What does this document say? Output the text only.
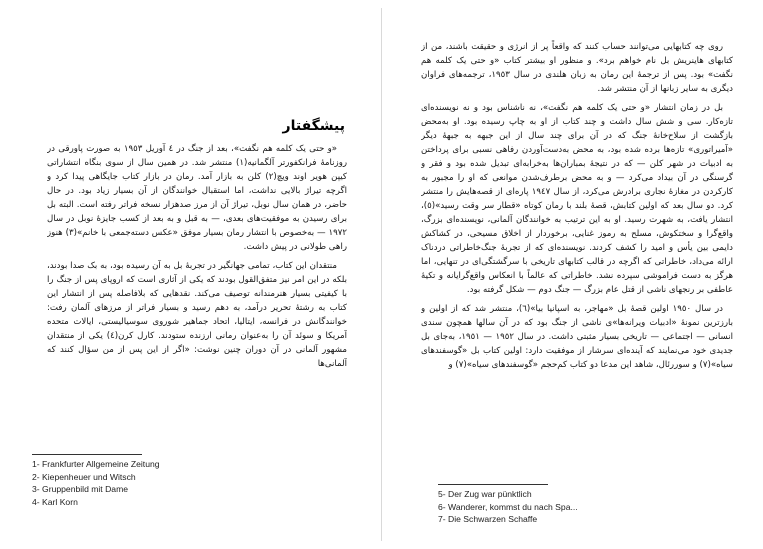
پیشگفتار

«و حتی یک کلمه هم نگفت»، بعد از جنگ در ٤ آوریل ١٩٥٣ به صورت پاورقی در روزنامۀ فرانکفورتر آلگمانیه(١) منتشر شد. در همین سال از سوی بنگاه انتشاراتی کیپن هویر اوند ویچ(٢) کلن به بازار آمد. رمان در بازار کتاب جایگاهی پیدا کرد و اگرچه تیراژ بالایی نداشت، اما استقبال خوانندگان از آن بسیار زیاد بود. در حال حاضر، در همان سال نوبل، تیراژ آن از مرز صدهزار نسخه فراتر رفته است. البته بل برای رسیدن به موفقیت‌های بعدی، — به قبل و به بعد از کسب جایزۀ نوبل در سال ١٩٧٢ — به‌خصوص با انتشار رمان بسیار موفق «عکس دسته‌جمعی با خانم»(٣) هنوز راهی طولانی در پیش داشت.

منتقدان این کتاب، تمامی جهانگیر در تجربۀ بل به آن رسیده بود، به بک صدا بودند، بلکه در این امر نیز متفق‌القول بودند که یکی از آثاری است که اروپای پس از جنگ را با کیفیتی بسیار هنرمندانه توصیف می‌کند. نقدهایی که بلافاصله پس از انتشار این کتاب به رشتۀ تحریر درآمد، به دهم رسید و بسیار فراتر از مرزهای آلمان رفت: خوانندگانش در فرانسه، ایتالیا، اتحاد جماهیر شوروی سوسیالیستی، ایالات متحده آمریکا و سوئد آن را به‌عنوان رمانی ارزنده ستودند. کارل کرن(٤) یکی از منتقدان مشهور آلمانی در آن دوران چنین نوشت: «اگر از این پس از من سؤال کنند که آلمانی‌ها

1- Frankfurter Allgemeine Zeitung
2- Kiepenheuer und Witsch
3- Gruppenbild mit Dame
4- Karl Korn

روی چه کتابهایی می‌توانند حساب کنند که واقعاً پر از انرژی و حقیقت باشند، من از کتابهای هاینریش بل نام خواهم برد». و منظور او بیشتر کتاب «و حتی یک کلمه هم نگفت» بود. پس از ترجمۀ این رمان به زبان هلندی در سال ١٩٥٣، ترجمه‌های فراوان دیگری به سایر زبانها از آن منتشر شد.

بل در زمان انتشار «و حتی یک کلمه هم نگفت»، نه ناشناس بود و نه نویسنده‌ای تازه‌کار. سی و شش سال داشت و چند کتاب از او به چاپ رسیده بود. او به‌محض بازگشت از سلاح‌خانۀ جنگ که در آن برای چند سال از این جبهه به جبهۀ دیگر «آمیراتوری» تازه‌ها برده شده بود، به محض به‌دست‌آوردن رفاهی نسبی برای پرداختن به ادبیات در شهر کلن — که در نتیجۀ بمباران‌ها به‌خرابه‌ای تبدیل شده بود و فقر و گرسنگی در آن بیداد می‌کرد — و به محض برطرف‌شدن موانعی که او را مجبور به کارکردن در مغازۀ نجاری برادرش می‌کرد، از سال ١٩٤٧ پاره‌ای از قصه‌هایش را منتشر کرد. دو سال بعد که اولین کتابش، قصۀ بلند با رمان کوتاه «قطار سر وقت رسید»(٥)، انتشار یافت، به شهرت رسید. او به این ترتیب به خوانندگان آلمانی، نویسنده‌ای بزرگ، واقع‌گرا و سختکوش، مسلح به رموز غنایی، برخوردار از اخلاق مسیحی، در کشاکش دایمی بین یأس و امید را کشف کردند. نویسنده‌ای که از تجربۀ جنگ‌خاطراتی دردناک ارائه می‌داد، خاطراتی که اگرچه در قالب کتابهای تاریخی با سرگشتگی‌ای در تنهایی، اما هرگز به دست فراموشی سپرده نشد. خاطراتی که عالماً با انعکاس واقع‌گرایانه و تکیۀ عاطفی بر رنجهای ناشی از قتل عام بزرگ — جنگ دوم — شکل گرفته بود.

در سال ١٩٥٠ اولین قصۀ بل «مهاجر، به اسپانیا بیا»(٦)، منتشر شد که از اولین و بارزترین نمونۀ «ادبیات ویرانه‌ها»ی ناشی از جنگ بود که در آن سالها همچون سندی انسانی — اجتماعی — تاریخی بسیار مثبتی داشت. در سال ١٩٥٢ — ١٩٥١، به‌جای بل جدیدی خود می‌نمایند که آینده‌ای سرشار از موفقیت دارد: اولین کتاب بل «گوسفندهای سیاه»(٧) و سوررئال، شاهد این مدعا دو کتاب کم‌حجم «گوسفندهای سیاه»(٧) و

5- Der Zug war pünktlich
6- Wanderer, kommst du nach Spa...
7- Die Schwarzen Schaffe
